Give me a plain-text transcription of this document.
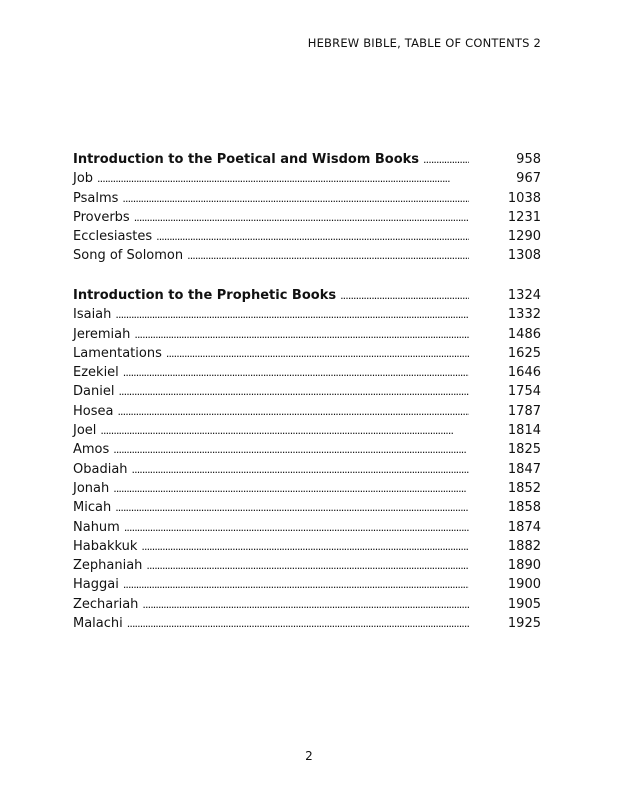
HEBREW BIBLE, TABLE OF CONTENTS 2
Introduction to the Poetical and Wisdom Books . . .	958
Job . . .	967
Psalms . . .	1038
Proverbs . . .	1231
Ecclesiastes . . .	1290
Song of Solomon . . .	1308
Introduction to the Prophetic Books . . .	1324
Isaiah . . .	1332
Jeremiah . . .	1486
Lamentations . . .	1625
Ezekiel . . .	1646
Daniel . . .	1754
Hosea . . .	1787
Joel . . .	1814
Amos . . .	1825
Obadiah . . .	1847
Jonah . . .	1852
Micah . . .	1858
Nahum . . .	1874
Habakkuk . . .	1882
Zephaniah . . .	1890
Haggai . . .	1900
Zechariah . . .	1905
Malachi . . .	1925
2
